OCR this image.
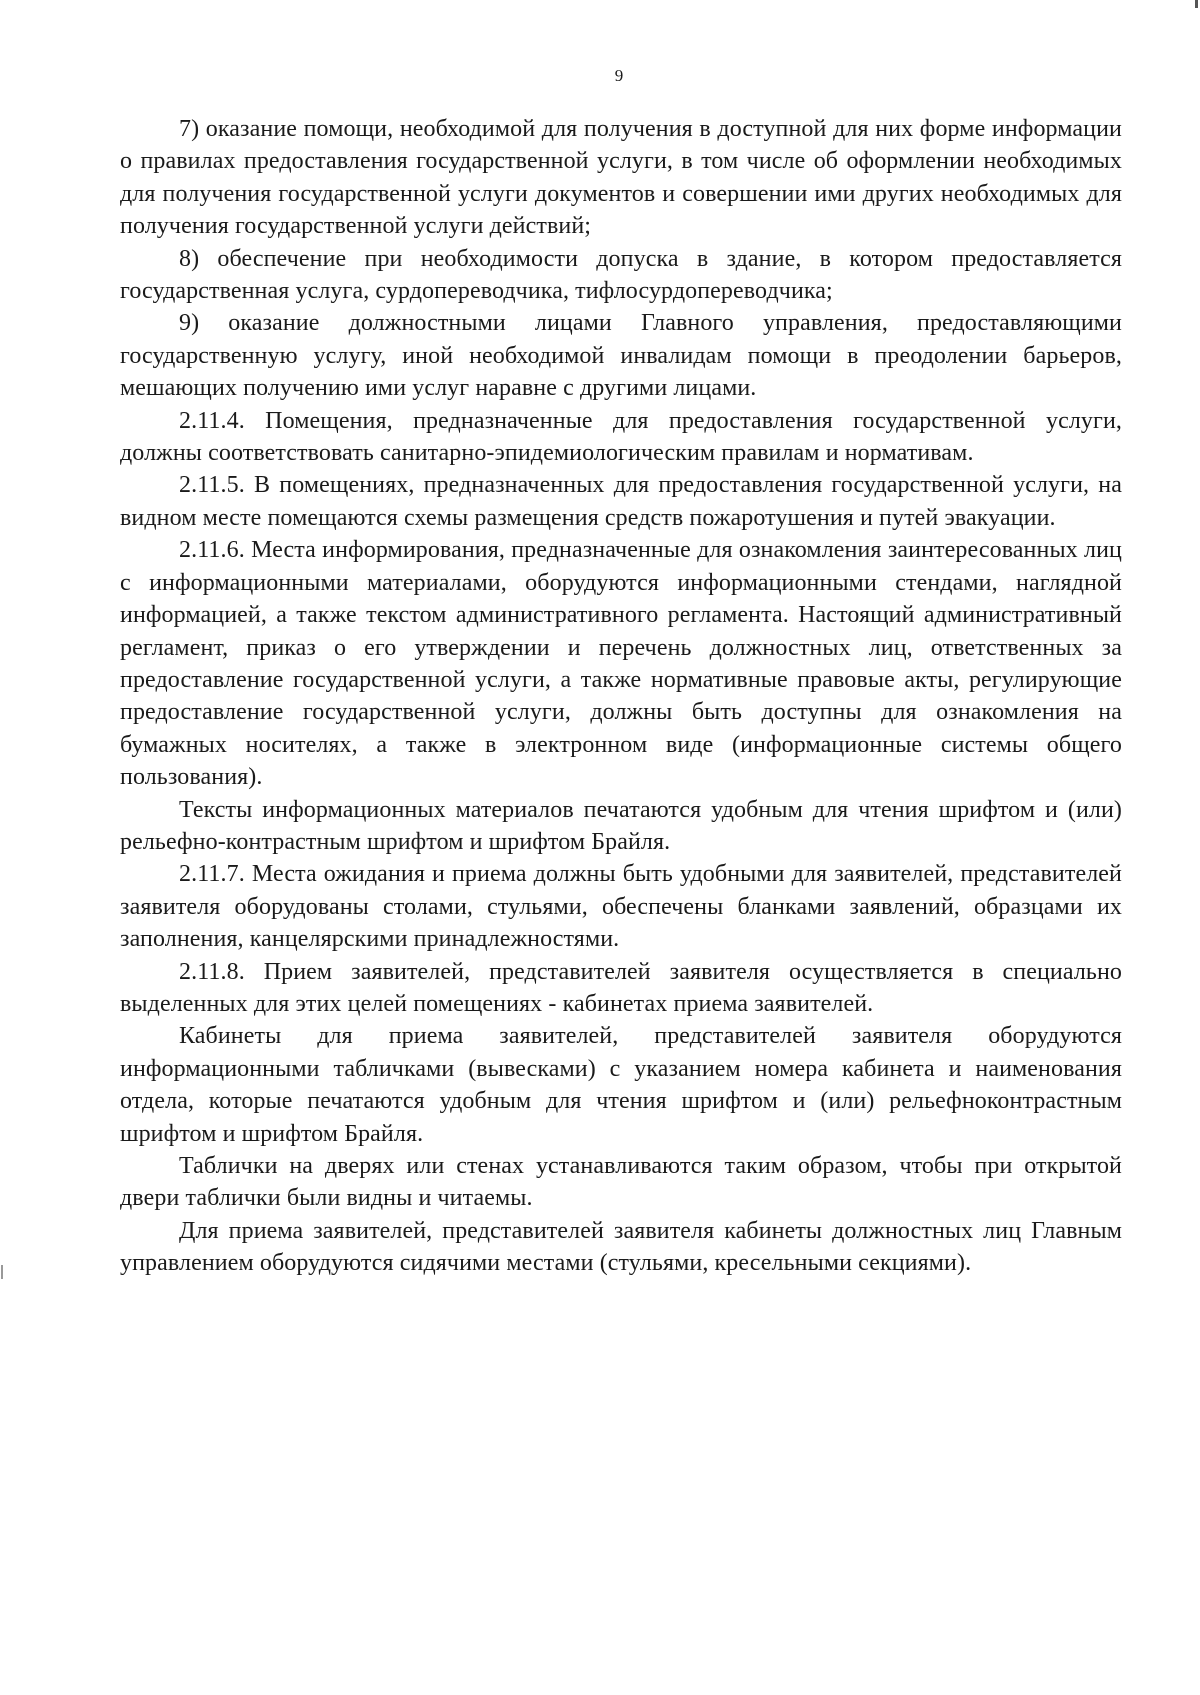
9

7) оказание помощи, необходимой для получения в доступной для них форме информации о правилах предоставления государственной услуги, в том числе об оформлении необходимых для получения государственной услуги документов и совершении ими других необходимых для получения государственной услуги действий;

8) обеспечение при необходимости допуска в здание, в котором предоставляется государственная услуга, сурдопереводчика, тифлосурдопереводчика;

9) оказание должностными лицами Главного управления, предоставляющими государственную услугу, иной необходимой инвалидам помощи в преодолении барьеров, мешающих получению ими услуг наравне с другими лицами.

2.11.4. Помещения, предназначенные для предоставления государственной услуги, должны соответствовать санитарно-эпидемиологическим правилам и нормативам.

2.11.5. В помещениях, предназначенных для предоставления государственной услуги, на видном месте помещаются схемы размещения средств пожаротушения и путей эвакуации.

2.11.6. Места информирования, предназначенные для ознакомления заинтересованных лиц с информационными материалами, оборудуются информационными стендами, наглядной информацией, а также текстом административного регламента. Настоящий административный регламент, приказ о его утверждении и перечень должностных лиц, ответственных за предоставление государственной услуги, а также нормативные правовые акты, регулирующие предоставление государственной услуги, должны быть доступны для ознакомления на бумажных носителях, а также в электронном виде (информационные системы общего пользования).

Тексты информационных материалов печатаются удобным для чтения шрифтом и (или) рельефно-контрастным шрифтом и шрифтом Брайля.

2.11.7. Места ожидания и приема должны быть удобными для заявителей, представителей заявителя оборудованы столами, стульями, обеспечены бланками заявлений, образцами их заполнения, канцелярскими принадлежностями.

2.11.8. Прием заявителей, представителей заявителя осуществляется в специально выделенных для этих целей помещениях - кабинетах приема заявителей.

Кабинеты для приема заявителей, представителей заявителя оборудуются информационными табличками (вывесками) с указанием номера кабинета и наименования отдела, которые печатаются удобным для чтения шрифтом и (или) рельефноконтрастным шрифтом и шрифтом Брайля.

Таблички на дверях или стенах устанавливаются таким образом, чтобы при открытой двери таблички были видны и читаемы.

Для приема заявителей, представителей заявителя кабинеты должностных лиц Главным управлением оборудуются сидячими местами (стульями, кресельными секциями).
